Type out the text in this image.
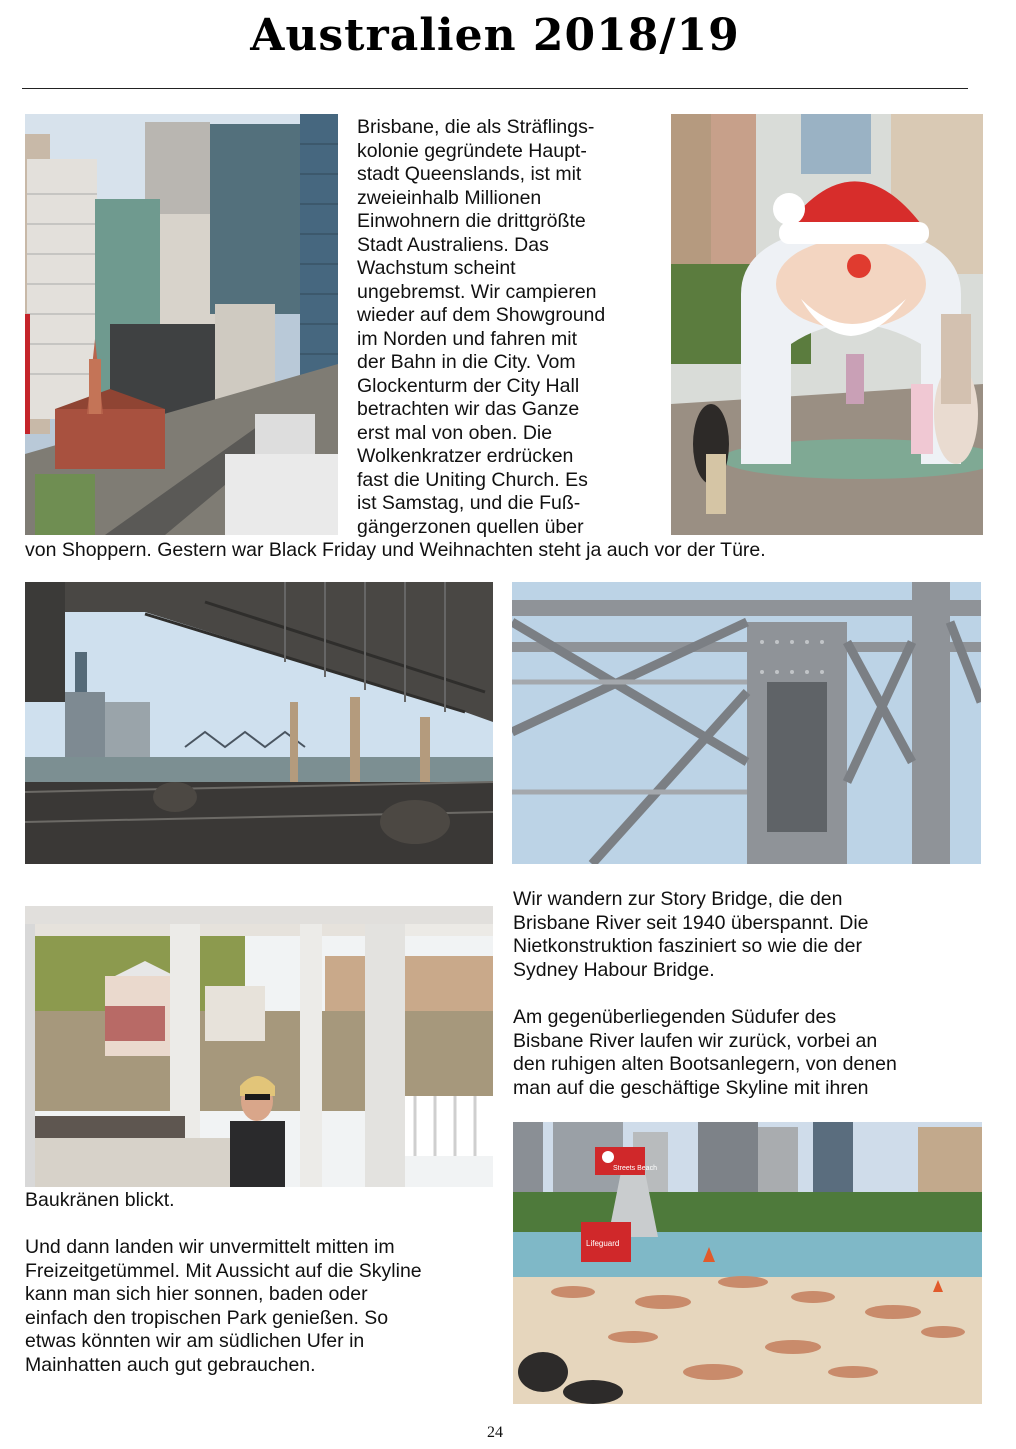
Australien 2018/19
Brisbane, die als Sträflings-
kolonie gegründete Haupt-
stadt Queenslands, ist mit
zweieinhalb Millionen
Einwohnern die drittgrößte
Stadt Australiens. Das
Wachstum scheint
ungebremst. Wir campieren
wieder auf dem Showground
im Norden und fahren mit
der Bahn in die City. Vom
Glockenturm der City Hall
betrachten wir das Ganze
erst mal von oben. Die
Wolkenkratzer erdrücken
fast die Uniting Church. Es
ist Samstag, und die Fuß-
gängerzonen quellen über
von Shoppern. Gestern war Black Friday und Weihnachten steht ja auch vor der Türe.
Wir wandern zur Story Bridge, die den
Brisbane River seit 1940 überspannt. Die
Nietkonstruktion fasziniert so wie die der
Sydney Habour Bridge.
Am gegenüberliegenden Südufer des
Bisbane River laufen wir zurück, vorbei an
den ruhigen alten Bootsanlegern, von denen
man auf die geschäftige Skyline mit ihren
Baukränen blickt.
Und dann landen wir unvermittelt mitten im
Freizeitgetümmel. Mit Aussicht auf die Skyline
kann man sich hier sonnen, baden oder
einfach den tropischen Park genießen. So
etwas könnten wir am südlichen Ufer in
Mainhatten auch gut gebrauchen.
Streets Beach
Lifeguard
24
